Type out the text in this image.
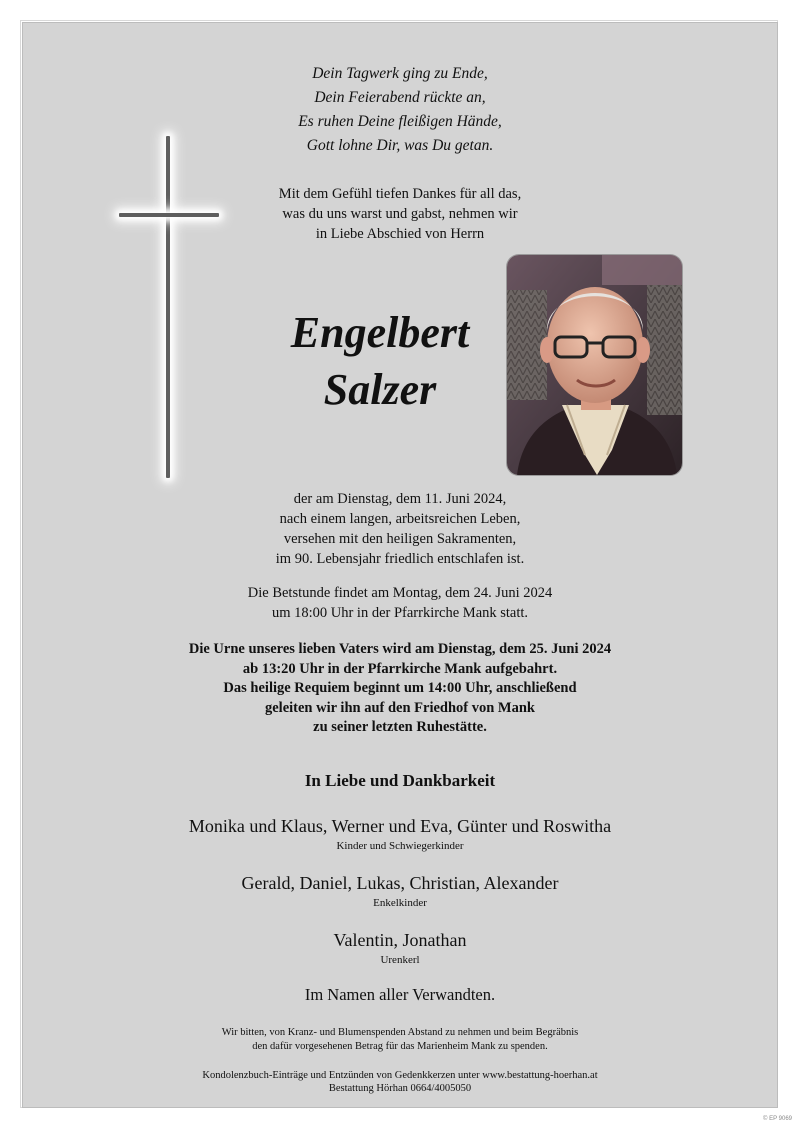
Dein Tagwerk ging zu Ende,
Dein Feierabend rückte an,
Es ruhen Deine fleißigen Hände,
Gott lohne Dir, was Du getan.
Mit dem Gefühl tiefen Dankes für all das,
was du uns warst und gabst, nehmen wir
in Liebe Abschied von Herrn
Engelbert
Salzer
der am Dienstag, dem 11. Juni 2024,
nach einem langen, arbeitsreichen Leben,
versehen mit den heiligen Sakramenten,
im 90. Lebensjahr friedlich entschlafen ist.
Die Betstunde findet am Montag, dem 24. Juni 2024
um 18:00 Uhr in der Pfarrkirche Mank statt.
Die Urne unseres lieben Vaters wird am Dienstag, dem 25. Juni 2024
ab 13:20 Uhr in der Pfarrkirche Mank aufgebahrt.
Das heilige Requiem beginnt um 14:00 Uhr, anschließend
geleiten wir ihn auf den Friedhof von Mank
zu seiner letzten Ruhestätte.
In Liebe und Dankbarkeit
Monika und Klaus, Werner und Eva, Günter und Roswitha
Kinder und Schwiegerkinder
Gerald, Daniel, Lukas, Christian, Alexander
Enkelkinder
Valentin, Jonathan
Urenkerl
Im Namen aller Verwandten.
Wir bitten, von Kranz- und Blumenspenden Abstand zu nehmen und beim Begräbnis
den dafür vorgesehenen Betrag für das Marienheim Mank zu spenden.
Kondolenzbuch-Einträge und Entzünden von Gedenkkerzen unter www.bestattung-hoerhan.at
Bestattung Hörhan 0664/4005050
© EP 9069
